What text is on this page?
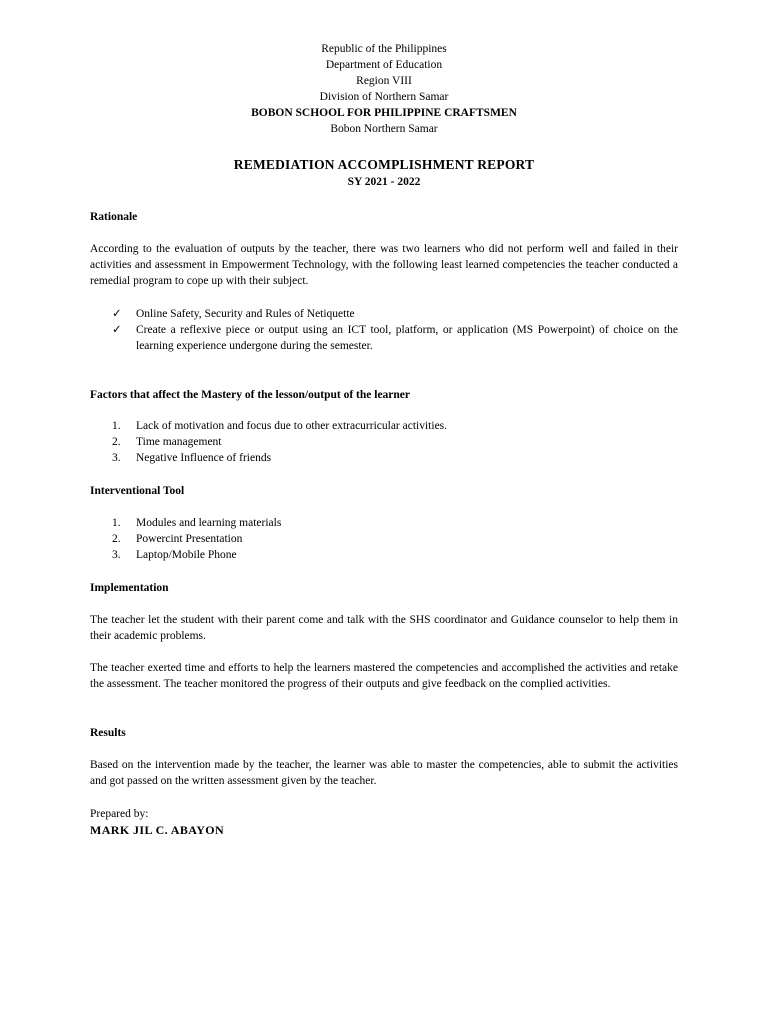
Republic of the Philippines
Department of Education
Region VIII
Division of Northern Samar
BOBON SCHOOL FOR PHILIPPINE CRAFTSMEN
Bobon Northern Samar
REMEDIATION ACCOMPLISHMENT REPORT
SY 2021 - 2022
Rationale
According to the evaluation of outputs by the teacher, there was two learners who did not perform well and failed in their activities and assessment in Empowerment Technology, with the following least learned competencies the teacher conducted a remedial program to cope up with their subject.
✓ Online Safety, Security and Rules of Netiquette
✓ Create a reflexive piece or output using an ICT tool, platform, or application (MS Powerpoint) of choice on the learning experience undergone during the semester.
Factors that affect the Mastery of the lesson/output of the learner
1. Lack of motivation and focus due to other extracurricular activities.
2. Time management
3. Negative Influence of friends
Interventional Tool
1. Modules and learning materials
2. Powercint Presentation
3. Laptop/Mobile Phone
Implementation
The teacher let the student with their parent come and talk with the SHS coordinator and Guidance counselor to help them in their academic problems.
The teacher exerted time and efforts to help the learners mastered the competencies and accomplished the activities and retake the assessment. The teacher monitored the progress of their outputs and give feedback on the complied activities.
Results
Based on the intervention made by the teacher, the learner was able to master the competencies, able to submit the activities and got passed on the written assessment given by the teacher.
Prepared by:
MARK JIL C. ABAYON
